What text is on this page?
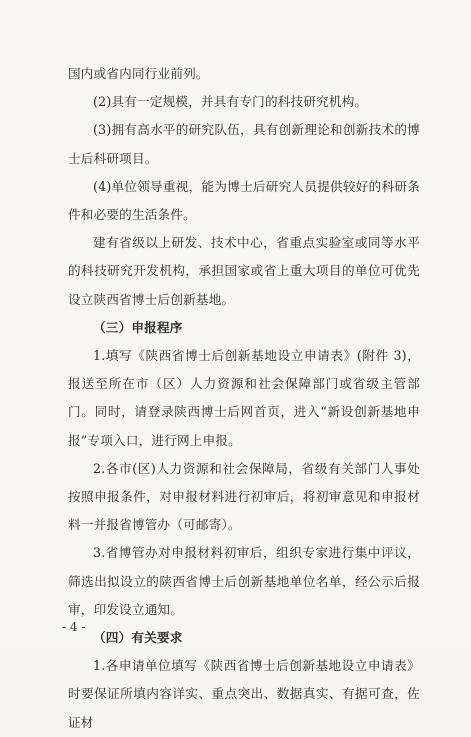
国内或省内同行业前列。

(2)具有一定规模，并具有专门的科技研究机构。

(3)拥有高水平的研究队伍，具有创新理论和创新技术的博士后科研项目。

(4)单位领导重视，能为博士后研究人员提供较好的科研条件和必要的生活条件。

建有省级以上研发、技术中心，省重点实验室或同等水平的科技研究开发机构，承担国家或省上重大项目的单位可优先设立陕西省博士后创新基地。

（三）申报程序

1.填写《陕西省博士后创新基地设立申请表》(附件 3)，报送至所在市（区）人力资源和社会保障部门或省级主管部门。同时，请登录陕西博士后网首页，进入“新设创新基地申报”专项入口，进行网上申报。

2.各市(区)人力资源和社会保障局，省级有关部门人事处按照申报条件，对申报材料进行初审后，将初审意见和申报材料一并报省博管办（可邮寄）。

3.省博管办对申报材料初审后，组织专家进行集中评议，筛选出拟设立的陕西省博士后创新基地单位名单，经公示后报审，印发设立通知。

（四）有关要求

1.各申请单位填写《陕西省博士后创新基地设立申请表》时要保证所填内容详实、重点突出、数据真实、有据可查，佐证材

- 4 -
